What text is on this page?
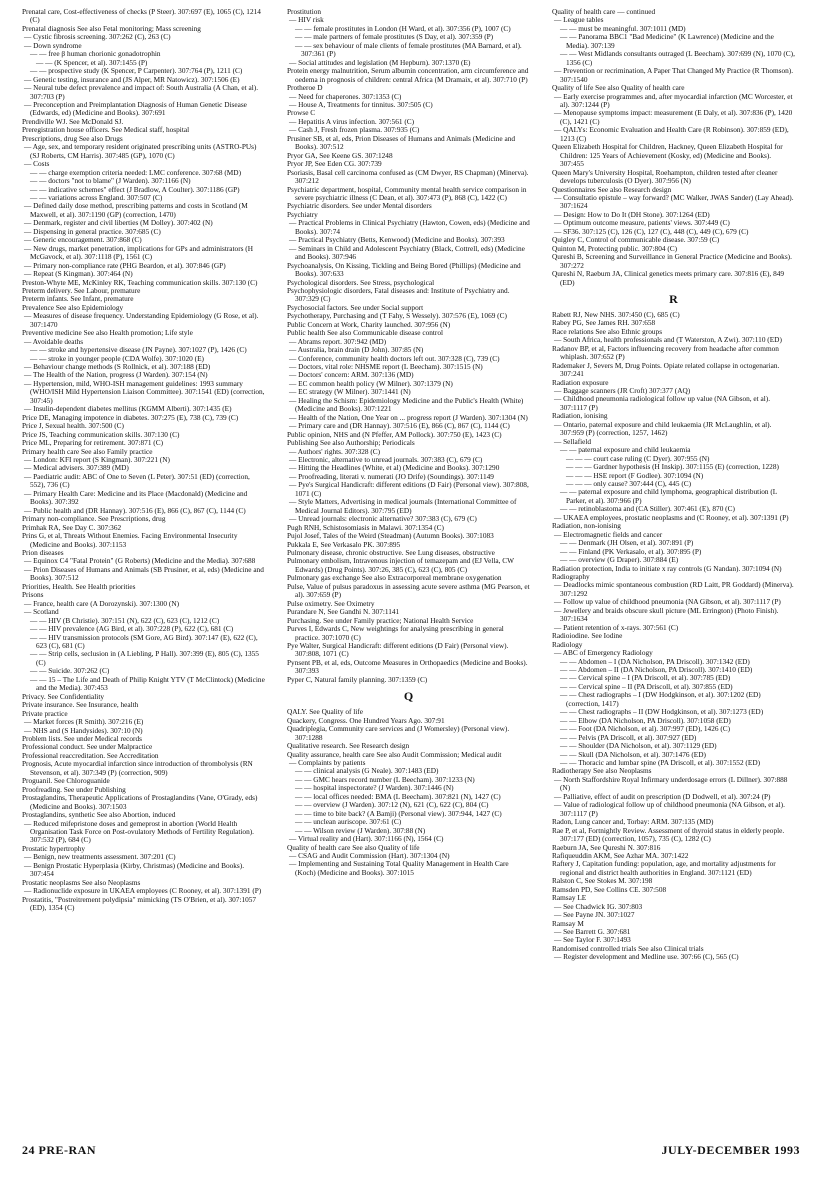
Prenatal care, Cost-effectiveness of checks (P Steer). 307:697 (E), 1065 (C), 1214 (C)

Prenatal diagnosis See also Fetal monitoring; Mass screening

— Cystic fibrosis screening. 307:262 (C), 263 (C)

— Down syndrome

— — free β human chorionic gonadotrophin

— — (K Spencer, et al). 307:1455 (P)

— — prospective study (K Spencer, P Carpenter). 307:764 (P), 1211 (C)

— Genetic testing, insurance and (JS Alper, MR Natowicz). 307:1506 (E)

— Neural tube defect prevalence and impact of: South Australia (A Chan, et al). 307:703 (P)

— Preconception and Preimplantation Diagnosis of Human Genetic Disease (Edwards, ed) (Medicine and Books). 307:691

Prendiville WJ. See McDonald SJ.

Preregistration house officers. See Medical staff, hospital

Prescriptions, drug See also Drugs

— Age, sex, and temporary resident originated prescribing units (ASTRO-PUs) (SJ Roberts, CM Harris). 307:485 (GP), 1070 (C)

— Costs

— — charge exemption criteria needed: LMC conference. 307:68 (MD)

— — doctors "not to blame" (J Warden). 307:1166 (N)

— — indicative schemes" effect (J Bradlow, A Coulter). 307:1186 (GP)

— — variations across England. 307:507 (C)

— Defined daily dose method, prescribing patterns and costs in Scotland (M Maxwell, et al). 307:1190 (GP) (correction, 1470)

— Denmark, register and civil liberties (M Dolley). 307:402 (N)

— Dispensing in general practice. 307:685 (C)

— Generic encouragement. 307:868 (C)

— New drugs, market penetration, implications for GPs and administrators (H McGavock, et al). 307:1118 (P), 1561 (C)

— Primary non-compliance rate (PHG Beardon, et al). 307:846 (GP)

— Repeat (S Kingman). 307:464 (N)

Preston-Whyte ME, McKinley RK, Teaching communication skills. 307:130 (C)

Preterm delivery. See Labour, premature

Preterm infants. See Infant, premature

Prevalence See also Epidemiology

— Measures of disease frequency. Understanding Epidemiology (G Rose, et al). 307:1470

Preventive medicine See also Health promotion; Life style

— Avoidable deaths

— — stroke and hypertensive disease (JN Payne). 307:1027 (P), 1426 (C)

— — stroke in younger people (CDA Wolfe). 307:1020 (E)

— Behaviour change methods (S Rollnick, et al). 307:188 (ED)

— The Health of the Nation, progress (J Warden). 307:154 (N)

— Hypertension, mild, WHO-ISH management guidelines: 1993 summary (WHO/ISH Mild Hypertension Liaison Committee). 307:1541 (ED) (correction, 307:45)

— Insulin-dependent diabetes mellitus (KGMM Alberti). 307:1435 (E)

Price DE, Managing impotence in diabetes. 307:275 (E), 738 (C), 739 (C)

Price J, Sexual health. 307:500 (C)

Price JS, Teaching communication skills. 307:130 (C)

Price ML, Preparing for retirement. 307:871 (C)

Primary health care See also Family practice

— London: KFI report (S Kingman). 307:221 (N)

— Medical advisers. 307:389 (MD)

— Paediatric audit: ABC of One to Seven (L Peter). 307:51 (ED) (correction, 552), 736 (C)

— Primary Health Care: Medicine and its Place (Macdonald) (Medicine and Books). 307:392

— Public health and (DR Hannay). 307:516 (E), 866 (C), 867 (C), 1144 (C)

Primary non-compliance. See Prescriptions, drug

Primhak RA, See Day C. 307:362

Prins G, et al, Threats Without Enemies. Facing Environmental Insecurity (Medicine and Books). 307:1153

Prion diseases

— Equinox C4 "Fatal Protein" (G Roberts) (Medicine and the Media). 307:688

— Prion Diseases of Humans and Animals (SB Prusiner, et al, eds) (Medicine and Books). 307:512

Priorities, Health. See Health priorities

Prisons

— France, health care (A Dorozynski). 307:1300 (N)

— Scotland

— — HIV (B Christie). 307:151 (N), 622 (C), 623 (C), 1212 (C)

— — HIV prevalence (AG Bird, et al). 307:228 (P), 622 (C), 681 (C)

— — HIV transmission protocols (SM Gore, AG Bird). 307:147 (E), 622 (C), 623 (C), 681 (C)

— — Strip cells, seclusion in (A Liebling, P Hall). 307:399 (E), 805 (C), 1355 (C)

— — Suicide. 307:262 (C)

— — 15 – The Life and Death of Philip Knight YTV (T McClintock) (Medicine and the Media). 307:453

Privacy. See Confidentiality

Private insurance. See Insurance, health

Private practice

— Market forces (R Smith). 307:216 (E)

— NHS and (S Handysides). 307:10 (N)

Problem lists. See under Medical records

Professional conduct. See under Malpractice

Professional reaccreditation. See Accreditation

Prognosis, Acute myocardial infarction since introduction of thrombolysis (RN Stevenson, et al). 307:349 (P) (correction, 909)

Proguanil. See Chloroguanide

Proofreading. See under Publishing

Prostaglandins, Therapeutic Applications of Prostaglandins (Vane, O'Grady, eds) (Medicine and Books). 307:1503

Prostaglandins, synthetic See also Abortion, induced

— Reduced mifepristone doses and gemeprost in abortion (World Health Organisation Task Force on Post-ovulatory Methods of Fertility Regulation). 307:532 (P), 684 (C)

Prostatic hypertrophy

— Benign, new treatments assessment. 307:201 (C)

— Benign Prostatic Hyperplasia (Kirby, Christmas) (Medicine and Books). 307:454

Prostatic neoplasms See also Neoplasms

— Radionuclide exposure in UKAEA employees (C Rooney, et al). 307:1391 (P)

Prostatitis, "Postreitrement polydipsia" mimicking (TS O'Brien, et al). 307:1057 (ED), 1354 (C)

Prostitution

— HIV risk

— — female prostitutes in London (H Ward, et al). 307:356 (P), 1007 (C)

— — male partners of female prostitutes (S Day, et al). 307:359 (P)

— — sex behaviour of male clients of female prostitutes (MA Barnard, et al). 307:361 (P)

— Social attitudes and legislation (M Hepburn). 307:1370 (E)

Protein energy malnutrition, Serum albumin concentration, arm circumference and oedema in prognosis of children: central Africa (M Dramaix, et al). 307:710 (P)

Protheroe D

— Need for chaperones. 307:1353 (C)

— House A, Treatments for tinnitus. 307:505 (C)

Prowse C

— Hepatitis A virus infection. 307:561 (C)

— Cash J, Fresh frozen plasma. 307:935 (C)

Prusiner SB, et al, eds, Prion Diseases of Humans and Animals (Medicine and Books). 307:512

Pryor GA, See Keene GS. 307:1248

Pryor JP, See Eden CG. 307:739

Psoriasis, Basal cell carcinoma confused as (CM Dwyer, RS Chapman) (Minerva). 307:212

Psychiatric department, hospital, Community mental health service comparison in severe psychiatric illness (C Dean, et al). 307:473 (P), 868 (C), 1422 (C)

Psychiatric disorders. See under Mental disorders

Psychiatry

— Practical Problems in Clinical Psychiatry (Hawton, Cowen, eds) (Medicine and Books). 307:74

— Practical Psychiatry (Betts, Kenwood) (Medicine and Books). 307:393

— Seminars in Child and Adolescent Psychiatry (Black, Cottrell, eds) (Medicine and Books). 307:946

Psychoanalysis, On Kissing, Tickling and Being Bored (Phillips) (Medicine and Books). 307:633

Psychological disorders. See Stress, psychological

Psychophysiologic disorders, Fatal diseases and: Institute of Psychiatry and. 307:329 (C)

Psychosocial factors. See under Social support

Psychotherapy, Purchasing and (T Fahy, S Wessely). 307:576 (E), 1069 (C)

Public Concern at Work, Charity launched. 307:956 (N)

Public health See also Communicable disease control

— Abrams report. 307:942 (MD)

— Australia, brain drain (D John). 307:85 (N)

— Conference, community health doctors left out. 307:328 (C), 739 (C)

— Doctors, vital role: NHSME report (L Beecham). 307:1515 (N)

— Doctors' concern: ARM. 307:136 (MD)

— EC common health policy (W Milner). 307:1379 (N)

— EC strategy (W Milner). 307:1441 (N)

— Healing the Schism: Epidemiology Medicine and the Public's Health (White) (Medicine and Books). 307:1221

— Health of the Nation, One Year on ... progress report (J Warden). 307:1304 (N)

— Primary care and (DR Hannay). 307:516 (E), 866 (C), 867 (C), 1144 (C)

Public opinion, NHS and (N Pfeffer, AM Pollock). 307:750 (E), 1423 (C)

Publishing See also Authorship; Periodicals

— Authors' rights. 307:328 (C)

— Electronic, alternative to unread journals. 307:383 (C), 679 (C)

— Hitting the Headlines (White, et al) (Medicine and Books). 307:1290

— Proofreading, literati v. numerati (JO Drife) (Soundings). 307:1149

— Pye's Surgical Handicraft: different editions (D Fair) (Personal view). 307:808, 1071 (C)

— Style Matters, Advertising in medical journals (International Committee of Medical Journal Editors). 307:795 (ED)

— Unread journals: electronic alternative? 307:383 (C), 679 (C)

Pugh RNH, Schistosomiasis in Malawi. 307:1354 (C)

Pujol Josef, Tales of the Weird (Steadman) (Autumn Books). 307:1083

Pukkala E, See Verkasalo PK. 307:895

Pulmonary disease, chronic obstructive. See Lung diseases, obstructive

Pulmonary embolism, Intravenous injection of temazepam and (EJ Vella, CW Edwards) (Drug Points). 307:26, 385 (C), 623 (C), 805 (C)

Pulmonary gas exchange See also Extracorporeal membrane oxygenation

Pulse, Value of pulsus paradoxus in assessing acute severe asthma (MG Pearson, et al). 307:659 (P)

Pulse oximetry. See Oximetry

Purandare N, See Gandhi N. 307:1141

Purchasing. See under Family practice; National Health Service

Purves I, Edwards C, New weightings for analysing prescribing in general practice. 307:1070 (C)

Pye Walter, Surgical Handicraft: different editions (D Fair) (Personal view). 307:808, 1071 (C)

Pynsent PB, et al, eds, Outcome Measures in Orthopaedics (Medicine and Books). 307:393

Pyper C, Natural family planning. 307:1359 (C)

Q

QALY. See Quality of life

Quackery, Congress. One Hundred Years Ago. 307:91

Quadriplegia, Community care services and (J Womersley) (Personal view). 307:1288

Qualitative research. See Research design

Quality assurance, health care See also Audit Commission; Medical audit

— Complaints by patients

— — clinical analysis (G Neale). 307:1483 (ED)

— — GMC hears record number (L Beecham). 307:1233 (N)

— — hospital inspectorate? (J Warden). 307:1446 (N)

— — local offices needed: BMA (L Beecham). 307:821 (N), 1427 (C)

— — overview (J Warden). 307:12 (N), 621 (C), 622 (C), 804 (C)

— — time to bite back? (A Bamji) (Personal view). 307:944, 1427 (C)

— — unclean auriscope. 307:61 (C)

— — Wilson review (J Warden). 307:88 (N)

— Virtual reality and (Hart). 307:1166 (N), 1564 (C)

Quality of health care See also Quality of life

— CSAG and Audit Commission (Hart). 307:1304 (N)

— Implementing and Sustaining Total Quality Management in Health Care (Koch) (Medicine and Books). 307:1015

Quality of health care — continued

— League tables

— — must be meaningful. 307:1011 (MD)

— — Panorama BBC1 "Bad Medicine" (K Lawrence) (Medicine and the Media). 307:139

— — West Midlands consultants outraged (L Beecham). 307:699 (N), 1070 (C), 1356 (C)

— Prevention or recrimination, A Paper That Changed My Practice (R Thomson). 307:1540

Quality of life See also Quality of health care

— Early exercise programmes and, after myocardial infarction (MC Worcester, et al). 307:1244 (P)

— Menopause symptoms impact: measurement (E Daly, et al). 307:836 (P), 1420 (C), 1421 (C)

— QALYs: Economic Evaluation and Health Care (R Robinson). 307:859 (ED), 1213 (C)

Queen Elizabeth Hospital for Children, Hackney, Queen Elizabeth Hospital for Children: 125 Years of Achievement (Kosky, ed) (Medicine and Books). 307:455

Queen Mary's University Hospital, Roehampton, children tested after cleaner develops tuberculosis (O Dyer). 307:956 (N)

Questionnaires See also Research design

— Consultatio epistule – way forward? (MC Walker, JWAS Sander) (Lay Ahead). 307:1624

— Design: How to Do It (DH Stone). 307:1264 (ED)

— Optimum outcome measure, patients' views. 307:449 (C)

— SF36. 307:125 (C), 126 (C), 127 (C), 448 (C), 449 (C), 679 (C)

Quigley C, Control of communicable disease. 307:59 (C)

Quinton M, Protecting public. 307:804 (C)

Qureshi B, Screening and Surveillance in General Practice (Medicine and Books). 307:272

Qureshi N, Raeburn JA, Clinical genetics meets primary care. 307:816 (E), 849 (ED)

R

Rabett RJ, New NHS. 307:450 (C), 685 (C)

Rabey PG, See James RH. 307:658

Race relations See also Ethnic groups

— South Africa, health professionals and (T Waterston, A Zwi). 307:110 (ED)

Radanov BP, et al, Factors influencing recovery from headache after common whiplash. 307:652 (P)

Rademaker J, Severs M, Drug Points. Opiate related collapse in octogenarian. 307:241

Radiation exposure

— Baggage scanners (JR Croft) 307:377 (AQ)

— Childhood pneumonia radiological follow up value (NA Gibson, et al). 307:1117 (P)

Radiation, ionising

— Ontario, paternal exposure and child leukaemia (JR McLaughlin, et al). 307:959 (P) (correction, 1257, 1462)

— Sellafield

— — paternal exposure and child leukaemia

— — — court case ruling (C Dyer). 307:955 (N)

— — — Gardner hypothesis (H Inskip). 307:1155 (E) (correction, 1228)

— — — HSE report (F Godlee). 307:1094 (N)

— — — only cause? 307:444 (C), 445 (C)

— — paternal exposure and child lymphoma, geographical distribution (L Parker, et al). 307:966 (P)

— — retinoblastoma and (CA Stiller). 307:461 (E), 870 (C)

— UKAEA employees, prostatic neoplasms and (C Rooney, et al). 307:1391 (P)

Radiation, non-ionising

— Electromagnetic fields and cancer

— — Denmark (JH Olsen, et al). 307:891 (P)

— — Finland (PK Verkasalo, et al). 307:895 (P)

— — overview (G Draper). 307:884 (E)

Radiation protection, India to initiate x ray controls (G Nandan). 307:1094 (N)

Radiography

— Deadlocks mimic spontaneous combustion (RD Laitt, PR Goddard) (Minerva). 307:1292

— Follow up value of childhood pneumonia (NA Gibson, et al). 307:1117 (P)

— Jewellery and braids obscure skull picture (ML Errington) (Photo Finish). 307:1634

— Patient retention of x-rays. 307:561 (C)

Radioiodine. See Iodine

Radiology

— ABC of Emergency Radiology

— — Abdomen – I (DA Nicholson, PA Driscoll). 307:1342 (ED)

— — Abdomen – II (DA Nicholson, PA Driscoll). 307:1410 (ED)

— — Cervical spine – I (PA Driscoll, et al). 307:785 (ED)

— — Cervical spine – II (PA Driscoll, et al). 307:855 (ED)

— — Chest radiographs – I (DW Hodgkinson, et al). 307:1202 (ED) (correction, 1417)

— — Chest radiographs – II (DW Hodgkinson, et al). 307:1273 (ED)

— — Elbow (DA Nicholson, PA Driscoll). 307:1058 (ED)

— — Foot (DA Nicholson, et al). 307:997 (ED), 1426 (C)

— — Pelvis (PA Driscoll, et al). 307:927 (ED)

— — Shoulder (DA Nicholson, et al). 307:1129 (ED)

— — Skull (DA Nicholson, et al). 307:1476 (ED)

— — Thoracic and lumbar spine (PA Driscoll, et al). 307:1552 (ED)

Radiotherapy See also Neoplasms

— North Staffordshire Royal Infirmary underdosage errors (L Dillner). 307:888 (N)

— Palliative, effect of audit on prescription (D Dodwell, et al). 307:24 (P)

— Value of radiological follow up of childhood pneumonia (NA Gibson, et al). 307:1117 (P)

Radon, Lung cancer and, Torbay: ARM. 307:135 (MD)

Rae P, et al, Fortnightly Review. Assessment of thyroid status in elderly people. 307:177 (ED) (correction, 1057), 735 (C), 1282 (C)

Raeburn JA, See Qureshi N. 307:816

Rafiqueuddin AKM, See Azhar MA. 307:1422

Raftery J, Capitation funding: population, age, and mortality adjustments for regional and district health authorities in England. 307:1121 (ED)

Ralston C, See Stokes M. 307:198

Ramsden PD, See Collins CE. 307:508

Ramsay LE

— See Chadwick IG. 307:803

— See Payne JN. 307:1027

Ramsay M

— See Barrett G. 307:681

— See Taylor F. 307:1493

Randomised controlled trials See also Clinical trials

— Register development and Medline use. 307:66 (C), 565 (C)

24 PRE-RAN	JULY-DECEMBER 1993
